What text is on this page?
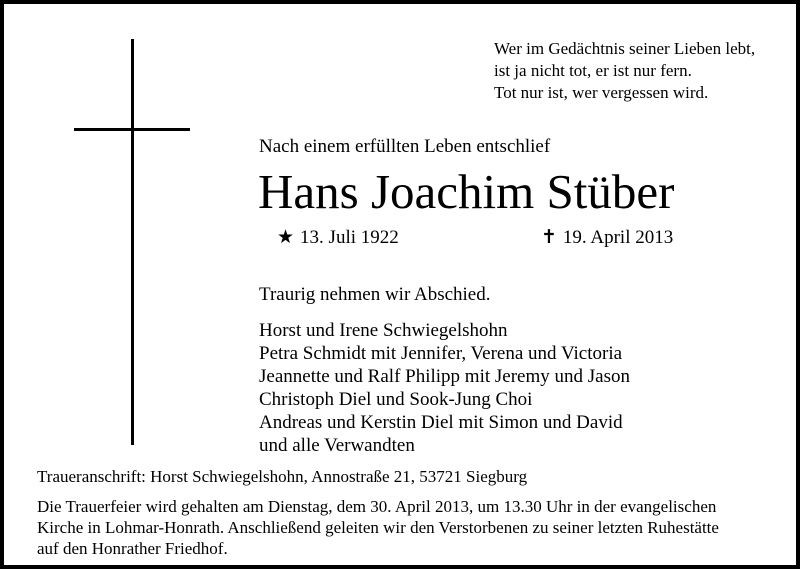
Wer im Gedächtnis seiner Lieben lebt,
ist ja nicht tot, er ist nur fern.
Tot nur ist, wer vergessen wird.
Nach einem erfüllten Leben entschlief
Hans Joachim Stüber
★ 13. Juli 1922	✝ 19. April 2013
Traurig nehmen wir Abschied.
Horst und Irene Schwiegelshohn
Petra Schmidt mit Jennifer, Verena und Victoria
Jeannette und Ralf Philipp mit Jeremy und Jason
Christoph Diel und Sook-Jung Choi
Andreas und Kerstin Diel mit Simon und David
und alle Verwandten
Traueranschrift: Horst Schwiegelshohn, Annostraße 21, 53721 Siegburg
Die Trauerfeier wird gehalten am Dienstag, dem 30. April 2013, um 13.30 Uhr in der evangelischen
Kirche in Lohmar-Honrath. Anschließend geleiten wir den Verstorbenen zu seiner letzten Ruhestätte
auf den Honrather Friedhof.
